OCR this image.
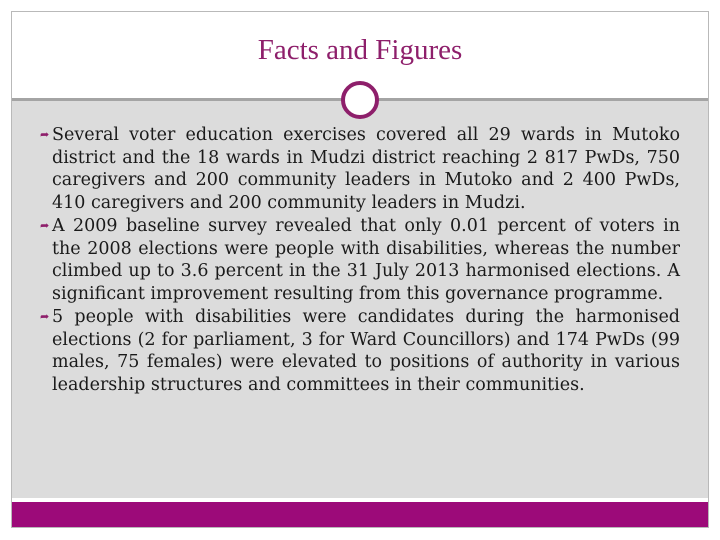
Facts and Figures
➦ Several voter education exercises covered all 29 wards in Mutoko district and the 18 wards in Mudzi district reaching 2 817 PwDs, 750 caregivers and 200 community leaders in Mutoko and 2 400 PwDs, 410 caregivers and 200 community leaders in Mudzi.
➦ A 2009 baseline survey revealed that only 0.01 percent of voters in the 2008 elections were people with disabilities, whereas the number climbed up to 3.6 percent in the 31 July 2013 harmonised elections. A significant improvement resulting from this governance programme.
➦ 5 people with disabilities were candidates during the harmonised elections (2 for parliament, 3 for Ward Councillors) and 174 PwDs (99 males, 75 females) were elevated to positions of authority in various leadership structures and committees in their communities.
